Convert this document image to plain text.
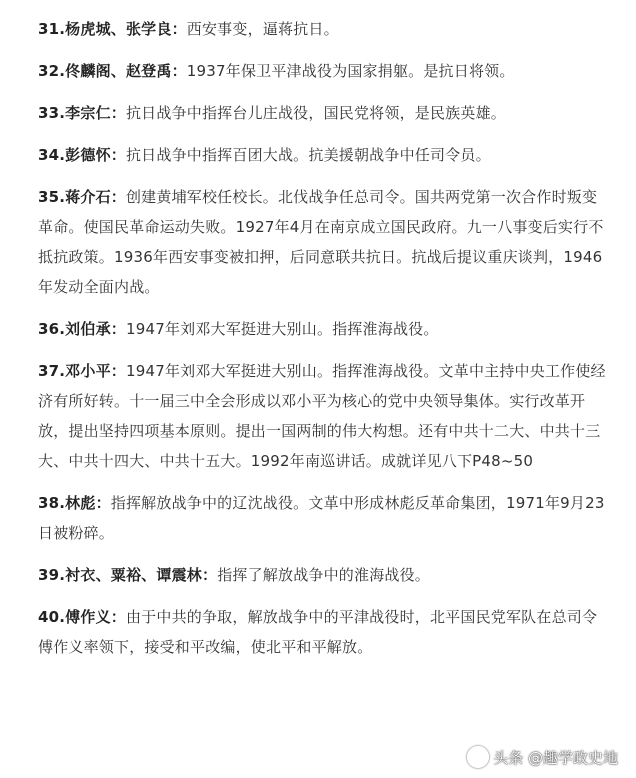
31.杨虎城、张学良：西安事变，逼蒋抗日。

32.佟麟阁、赵登禹：1937年保卫平津战役为国家捐躯。是抗日将领。

33.李宗仁：抗日战争中指挥台儿庄战役，国民党将领，是民族英雄。

34.彭德怀：抗日战争中指挥百团大战。抗美援朝战争中任司令员。

35.蒋介石：创建黄埔军校任校长。北伐战争任总司令。国共两党第一次合作时叛变革命。使国民革命运动失败。1927年4月在南京成立国民政府。九一八事变后实行不抵抗政策。1936年西安事变被扣押，后同意联共抗日。抗战后提议重庆谈判，1946年发动全面内战。

36.刘伯承：1947年刘邓大军挺进大别山。指挥淮海战役。

37.邓小平：1947年刘邓大军挺进大别山。指挥淮海战役。文革中主持中央工作使经济有所好转。十一届三中全会形成以邓小平为核心的党中央领导集体。实行改革开放，提出坚持四项基本原则。提出一国两制的伟大构想。还有中共十二大、中共十三大、中共十四大、中共十五大。1992年南巡讲话。成就详见八下P48~50

38.林彪：指挥解放战争中的辽沈战役。文革中形成林彪反革命集团，1971年9月23日被粉碎。

39.衬衣、粟裕、谭震林：指挥了解放战争中的淮海战役。

40.傅作义：由于中共的争取，解放战争中的平津战役时，北平国民党军队在总司令傅作义率领下，接受和平改编，使北平和平解放。

头条 @趣学政史地
